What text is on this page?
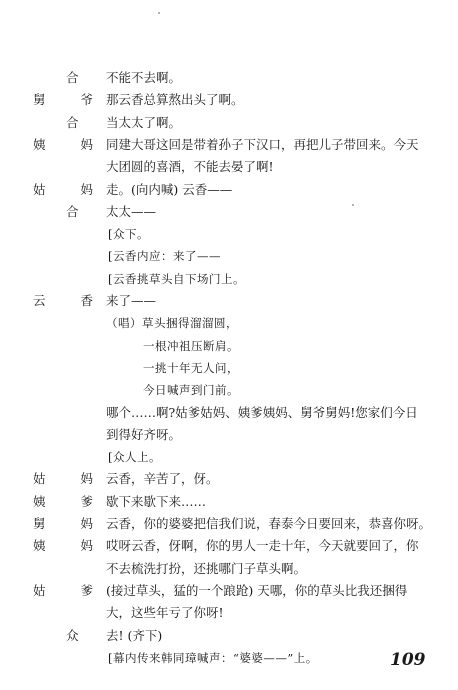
合 不能不去啊。
舅	爷 那云香总算熬出头了啊。
合 当太太了啊。
姨	妈 同建大哥这回是带着孙子下汉口，再把儿子带回来。今天
大团圆的喜酒，不能去晏了啊!
姑	妈 走。(向内喊) 云香——
合 太太——
[众下。
[云香内应：来了——
[云香挑草头自下场门上。
云	香 来了——
（唱）草头捆得溜溜圆，
一根冲祖压断肩。
一挑十年无人问，
今日喊声到门前。
哪个……啊?姑爹姑妈、姨爹姨妈、舅爷舅妈!您家们今日
到得好齐呀。
[众人上。
姑	妈 云香，辛苦了，伢。
姨	爹 歇下来歇下来……
舅	妈 云香，你的婆婆把信我们说，春泰今日要回来，恭喜你呀。
姨	妈 哎呀云香，伢啊，你的男人一走十年，今天就要回了，你
不去梳洗打扮，还挑哪门子草头啊。
姑	爹 (接过草头，猛的一个踉跄) 天哪，你的草头比我还捆得
大，这些年亏了你呀!
众 去! (齐下)
[幕内传来韩同璋喊声：“婆婆——”上。	109
